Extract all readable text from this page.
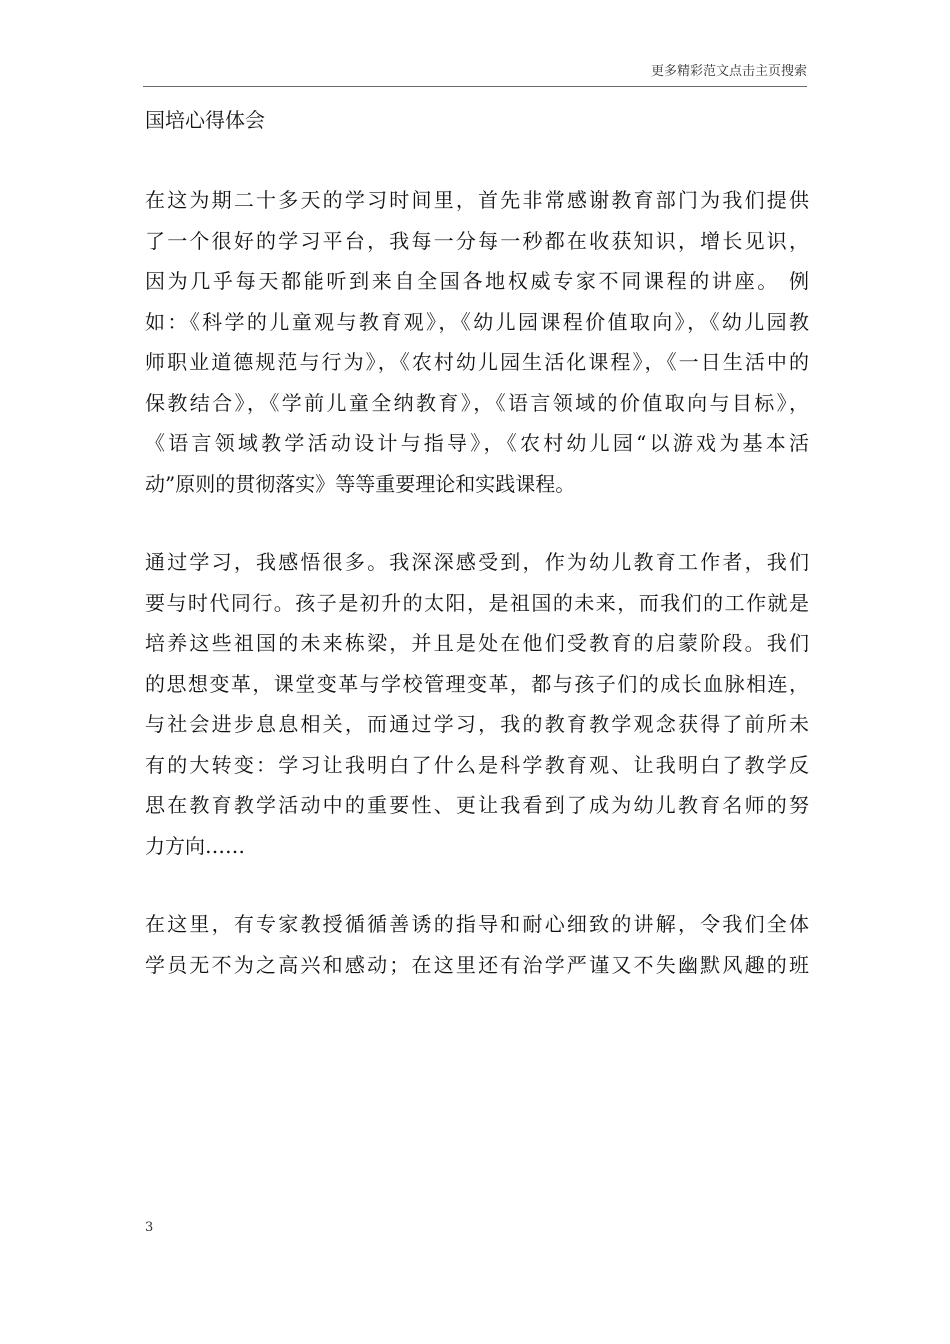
更多精彩范文点击主页搜索
国培心得体会
在这为期二十多天的学习时间里，首先非常感谢教育部门为我们提供
了一个很好的学习平台，我每一分每一秒都在收获知识，增长见识，
因为几乎每天都能听到来自全国各地权威专家不同课程的讲座。 例
如：《科学的儿童观与教育观》，《幼儿园课程价值取向》，《幼儿园教
师职业道德规范与行为》，《农村幼儿园生活化课程》，《一日生活中的
保教结合》，《学前儿童全纳教育》，《语言领域的价值取向与目标》，
《语言领域教学活动设计与指导》，《农村幼儿园“以游戏为基本活
动”原则的贯彻落实》等等重要理论和实践课程。
通过学习，我感悟很多。我深深感受到，作为幼儿教育工作者，我们
要与时代同行。孩子是初升的太阳，是祖国的未来，而我们的工作就是
培养这些祖国的未来栋梁，并且是处在他们受教育的启蒙阶段。我们
的思想变革，课堂变革与学校管理变革，都与孩子们的成长血脉相连，
与社会进步息息相关，而通过学习，我的教育教学观念获得了前所未
有的大转变：学习让我明白了什么是科学教育观、让我明白了教学反
思在教育教学活动中的重要性、更让我看到了成为幼儿教育名师的努
力方向……
在这里，有专家教授循循善诱的指导和耐心细致的讲解，令我们全体
学员无不为之高兴和感动；在这里还有治学严谨又不失幽默风趣的班
3
